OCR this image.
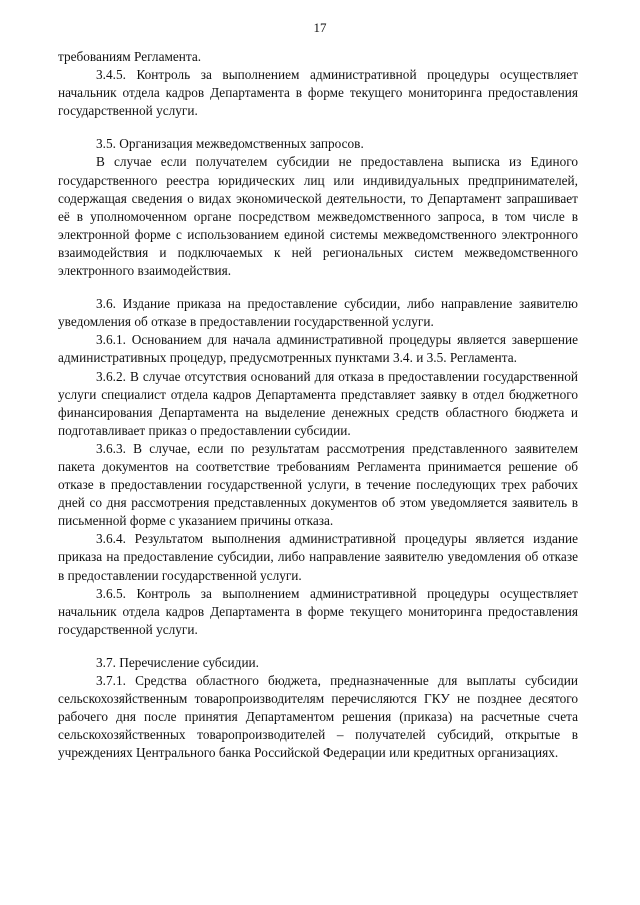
17

требованиям Регламента.

3.4.5. Контроль за выполнением административной процедуры осуществляет начальник отдела кадров Департамента в форме текущего мониторинга предоставления государственной услуги.

3.5. Организация межведомственных запросов.

В случае если получателем субсидии не предоставлена выписка из Единого государственного реестра юридических лиц или индивидуальных предпринимателей, содержащая сведения о видах экономической деятельности, то Департамент запрашивает её в уполномоченном органе посредством межведомственного запроса, в том числе в электронной форме с использованием единой системы межведомственного электронного взаимодействия и подключаемых к ней региональных систем межведомственного электронного взаимодействия.

3.6. Издание приказа на предоставление субсидии, либо направление заявителю уведомления об отказе в предоставлении государственной услуги.

3.6.1. Основанием для начала административной процедуры является завершение административных процедур, предусмотренных пунктами 3.4. и 3.5. Регламента.

3.6.2. В случае отсутствия оснований для отказа в предоставлении государственной услуги специалист отдела кадров Департамента представляет заявку в отдел бюджетного финансирования Департамента на выделение денежных средств областного бюджета и подготавливает приказ о предоставлении субсидии.

3.6.3. В случае, если по результатам рассмотрения представленного заявителем пакета документов на соответствие требованиям Регламента принимается решение об отказе в предоставлении государственной услуги, в течение последующих трех рабочих дней со дня рассмотрения представленных документов об этом уведомляется заявитель в письменной форме с указанием причины отказа.

3.6.4. Результатом выполнения административной процедуры является издание приказа на предоставление субсидии, либо направление заявителю уведомления об отказе в предоставлении государственной услуги.

3.6.5. Контроль за выполнением административной процедуры осуществляет начальник отдела кадров Департамента в форме текущего мониторинга предоставления государственной услуги.

3.7. Перечисление субсидии.

3.7.1. Средства областного бюджета, предназначенные для выплаты субсидии сельскохозяйственным товаропроизводителям перечисляются ГКУ не позднее десятого рабочего дня после принятия Департаментом решения (приказа) на расчетные счета сельскохозяйственных товаропроизводителей – получателей субсидий, открытые в учреждениях Центрального банка Российской Федерации или кредитных организациях.
